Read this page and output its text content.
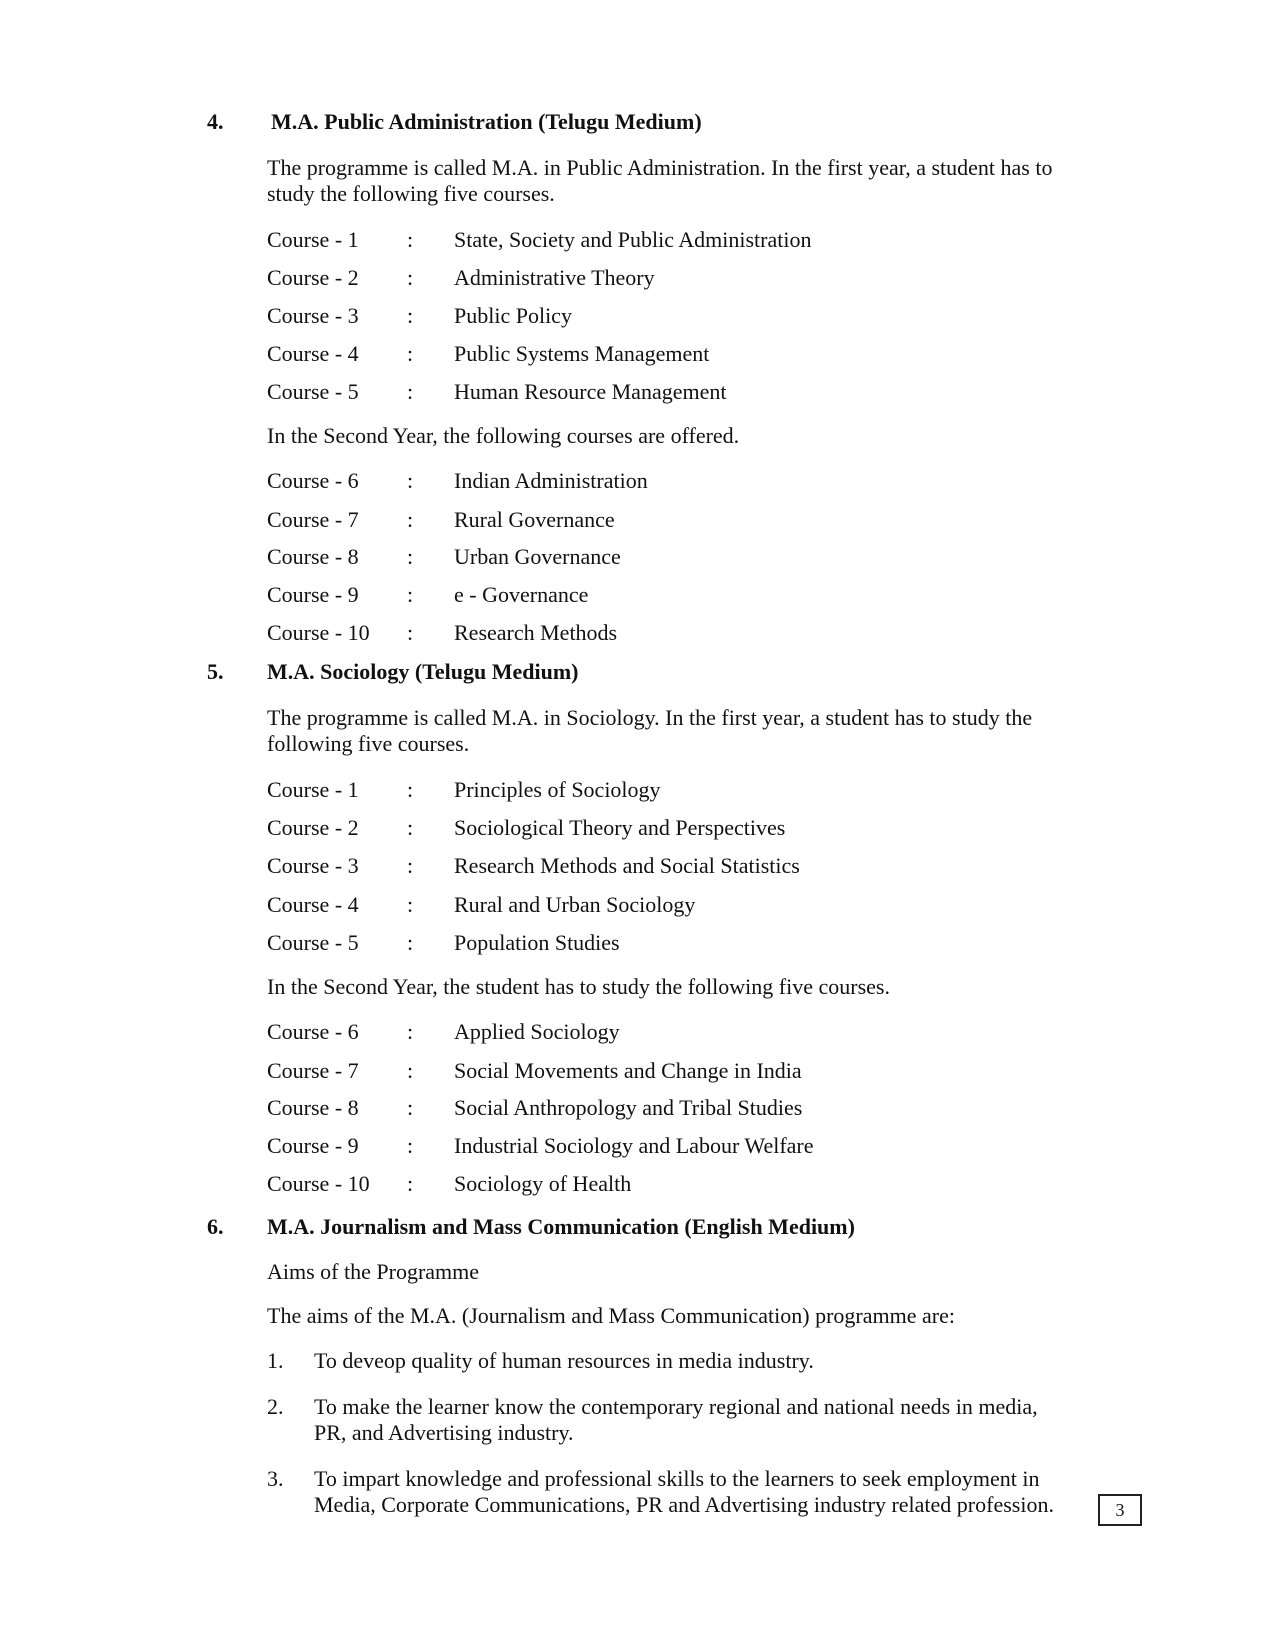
4. M.A. Public Administration (Telugu Medium)
The programme is called M.A. in Public Administration. In the first year, a student has to study the following five courses.
Course - 1 : State, Society and Public Administration
Course - 2 : Administrative Theory
Course - 3 : Public Policy
Course - 4 : Public Systems Management
Course - 5 : Human Resource Management
In the Second Year, the following courses are offered.
Course - 6 : Indian Administration
Course - 7 : Rural Governance
Course - 8 : Urban Governance
Course - 9 : e - Governance
Course - 10 : Research Methods
5. M.A. Sociology (Telugu Medium)
The programme is called M.A. in Sociology. In the first year, a student has to study the following five courses.
Course - 1 : Principles of Sociology
Course - 2 : Sociological Theory and Perspectives
Course - 3 : Research Methods and Social Statistics
Course - 4 : Rural and Urban Sociology
Course - 5 : Population Studies
In the Second Year, the student has to study the following five courses.
Course - 6 : Applied Sociology
Course - 7 : Social Movements and Change in India
Course - 8 : Social Anthropology and Tribal Studies
Course - 9 : Industrial Sociology and Labour Welfare
Course - 10 : Sociology of Health
6. M.A. Journalism and Mass Communication (English Medium)
Aims of the Programme
The aims of the M.A. (Journalism and Mass Communication) programme are:
1. To deveop quality of human resources in media industry.
2. To make the learner know the contemporary regional and national needs in media, PR, and Advertising industry.
3. To impart knowledge and professional skills to the learners to seek employment in Media, Corporate Communications, PR and Advertising industry related profession.	3
